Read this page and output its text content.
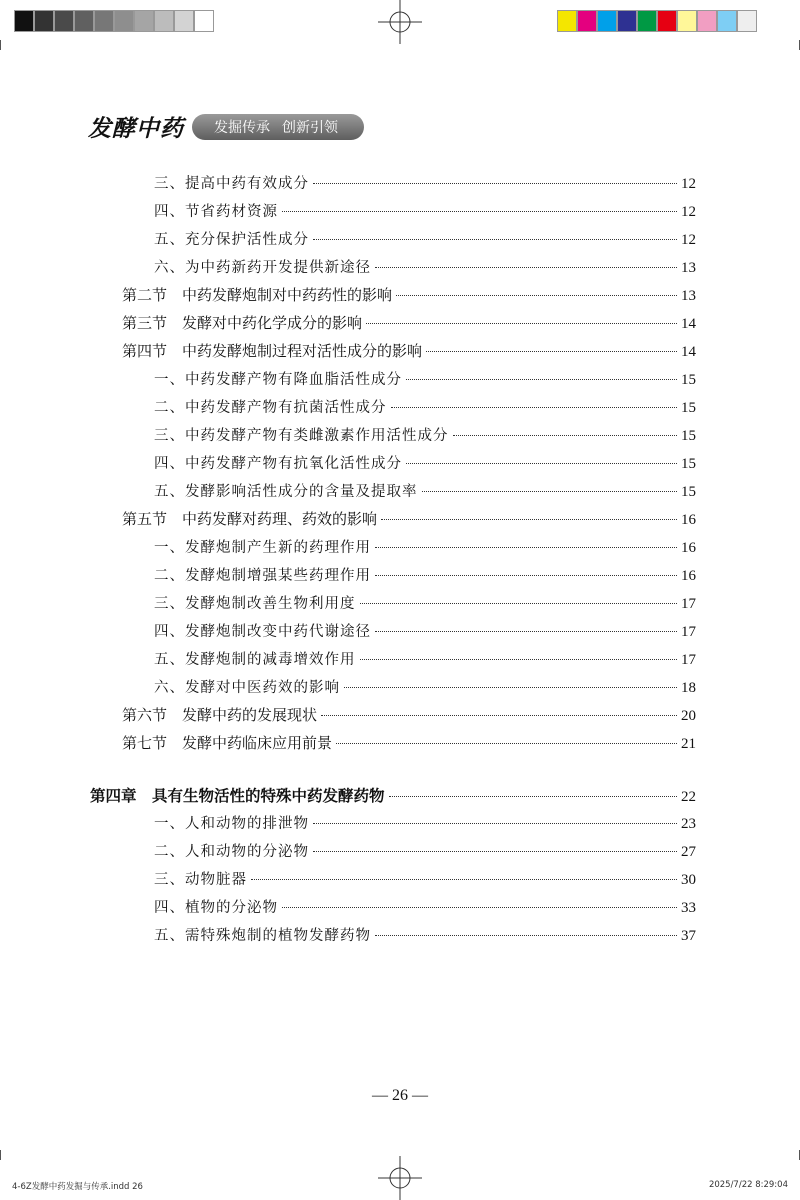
发酵中药 发掘传承 创新引领
三、提高中药有效成分	12
四、节省药材资源	12
五、充分保护活性成分	12
六、为中药新药开发提供新途径	13
第二节　中药发酵炮制对中药药性的影响	13
第三节　发酵对中药化学成分的影响	14
第四节　中药发酵炮制过程对活性成分的影响	14
一、中药发酵产物有降血脂活性成分	15
二、中药发酵产物有抗菌活性成分	15
三、中药发酵产物有类雌激素作用活性成分	15
四、中药发酵产物有抗氧化活性成分	15
五、发酵影响活性成分的含量及提取率	15
第五节　中药发酵对药理、药效的影响	16
一、发酵炮制产生新的药理作用	16
二、发酵炮制增强某些药理作用	16
三、发酵炮制改善生物利用度	17
四、发酵炮制改变中药代谢途径	17
五、发酵炮制的减毒增效作用	17
六、发酵对中医药效的影响	18
第六节　发酵中药的发展现状	20
第七节　发酵中药临床应用前景	21
第四章　具有生物活性的特殊中药发酵药物	22
一、人和动物的排泄物	23
二、人和动物的分泌物	27
三、动物脏器	30
四、植物的分泌物	33
五、需特殊炮制的植物发酵药物	37
— 26 —
4-6Z发酵中药发掘与传承.indd 26	2025/7/22 8:29:04
